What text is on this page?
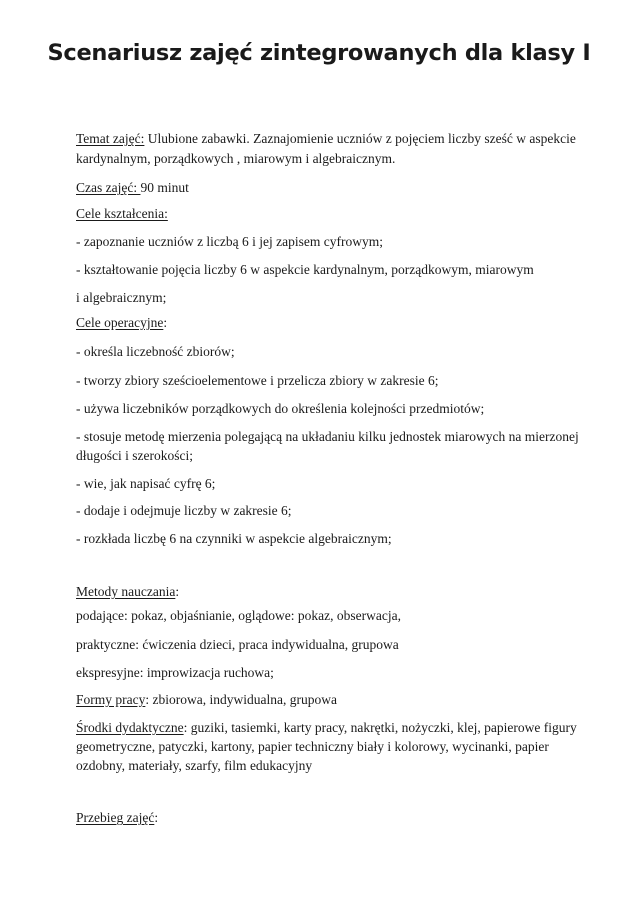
Scenariusz zajęć zintegrowanych dla klasy I
Temat zajęć: Ulubione zabawki. Zaznajomienie uczniów z pojęciem liczby sześć w aspekcie
kardynalnym, porządkowych , miarowym i algebraicznym.
Czas zajęć: 90 minut
Cele kształcenia:
- zapoznanie uczniów z liczbą 6 i jej zapisem cyfrowym;
- kształtowanie pojęcia liczby 6 w aspekcie kardynalnym, porządkowym, miarowym
i algebraicznym;
Cele operacyjne:
- określa liczebność zbiorów;
- tworzy zbiory sześcioelementowe i przelicza zbiory w zakresie 6;
- używa liczebników porządkowych do określenia kolejności przedmiotów;
- stosuje metodę mierzenia polegającą na układaniu kilku jednostek miarowych na mierzonej
długości i szerokości;
- wie, jak napisać cyfrę 6;
- dodaje i odejmuje liczby w zakresie 6;
- rozkłada liczbę 6 na czynniki w aspekcie algebraicznym;
Metody nauczania:
podające: pokaz, objaśnianie, oglądowe: pokaz, obserwacja,
praktyczne: ćwiczenia dzieci, praca indywidualna, grupowa
ekspresyjne: improwizacja ruchowa;
Formy pracy: zbiorowa, indywidualna, grupowa
Środki dydaktyczne: guziki, tasiemki, karty pracy, nakrętki, nożyczki, klej, papierowe figury
geometryczne, patyczki, kartony, papier techniczny biały i kolorowy, wycinanki, papier
ozdobny, materiały, szarfy, film edukacyjny
Przebieg zajęć:
